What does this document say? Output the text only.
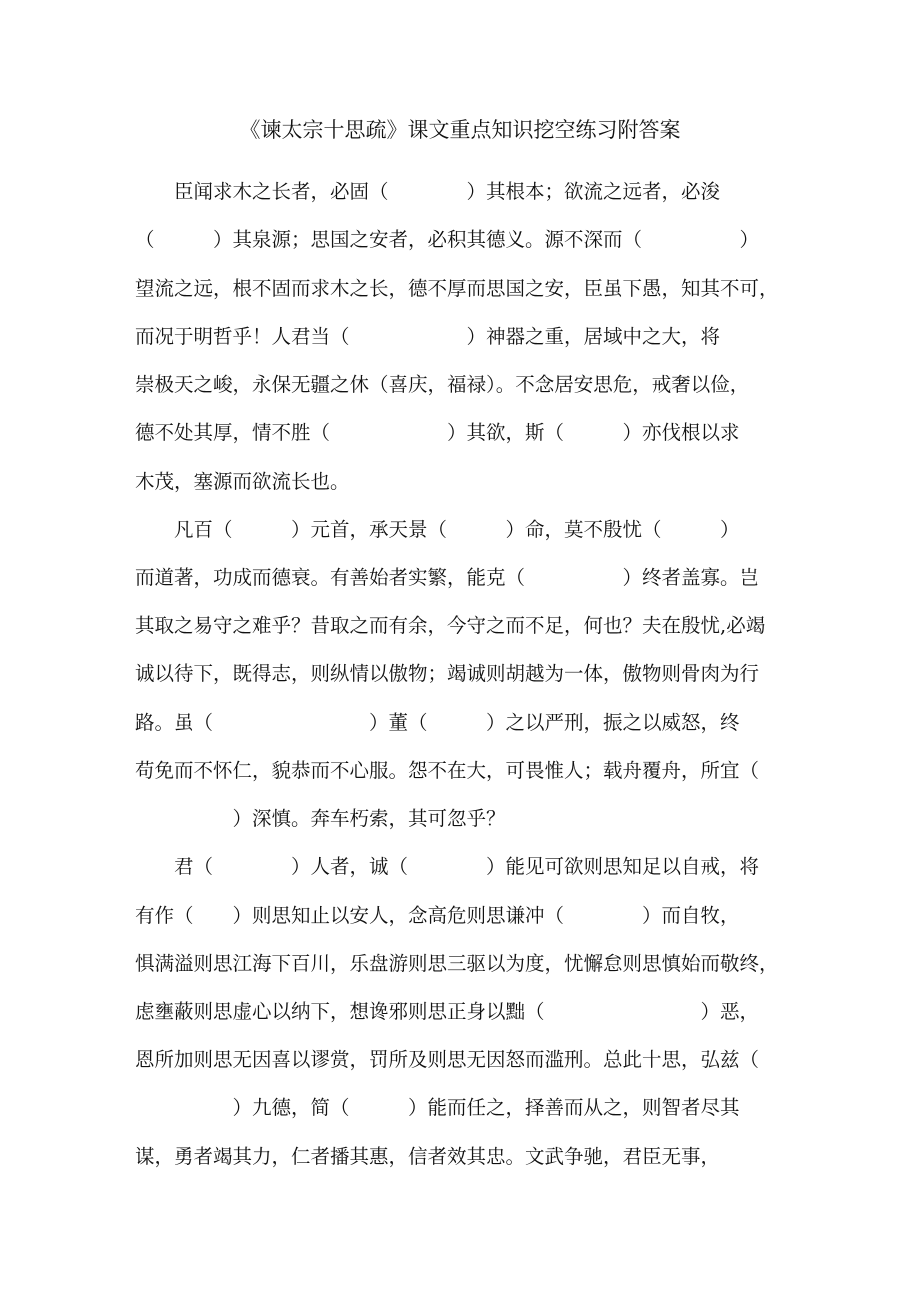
《谏太宗十思疏》课文重点知识挖空练习附答案
　　臣闻求木之长者，必固（　　　　）其根本；欲流之远者，必浚
（　　　）其泉源；思国之安者，必积其德义。源不深而（　　　　　）
望流之远，根不固而求木之长，德不厚而思国之安，臣虽下愚，知其不可，
而况于明哲乎！人君当（　　　　　　）神器之重，居域中之大，将
崇极天之峻，永保无疆之休（喜庆，福禄）。不念居安思危，戒奢以俭，
德不处其厚，情不胜（　　　　　　）其欲，斯（　　　）亦伐根以求
木茂，塞源而欲流长也。
　　凡百（　　　）元首，承天景（　　　）命，莫不殷忧（　　　）
而道著，功成而德衰。有善始者实繁，能克（　　　　　）终者盖寡。岂
其取之易守之难乎？昔取之而有余，今守之而不足，何也？夫在殷忧,必竭
诚以待下，既得志，则纵情以傲物；竭诚则胡越为一体，傲物则骨肉为行
路。虽（　　　　　　　　）董（　　　）之以严刑，振之以威怒，终
苟免而不怀仁，貌恭而不心服。怨不在大，可畏惟人；载舟覆舟，所宜（
　　　　　）深慎。奔车朽索，其可忽乎？
　　君（　　　　）人者，诚（　　　　）能见可欲则思知足以自戒，将
有作（　　）则思知止以安人，念高危则思谦冲（　　　　）而自牧，
惧满溢则思江海下百川，乐盘游则思三驱以为度，忧懈怠则思慎始而敬终，
虑壅蔽则思虚心以纳下，想谗邪则思正身以黜（　　　　　　　　）恶，
恩所加则思无因喜以谬赏，罚所及则思无因怒而滥刑。总此十思，弘兹（
　　　　　）九德，简（　　　）能而任之，择善而从之，则智者尽其
谋，勇者竭其力，仁者播其惠，信者效其忠。文武争驰，君臣无事，
